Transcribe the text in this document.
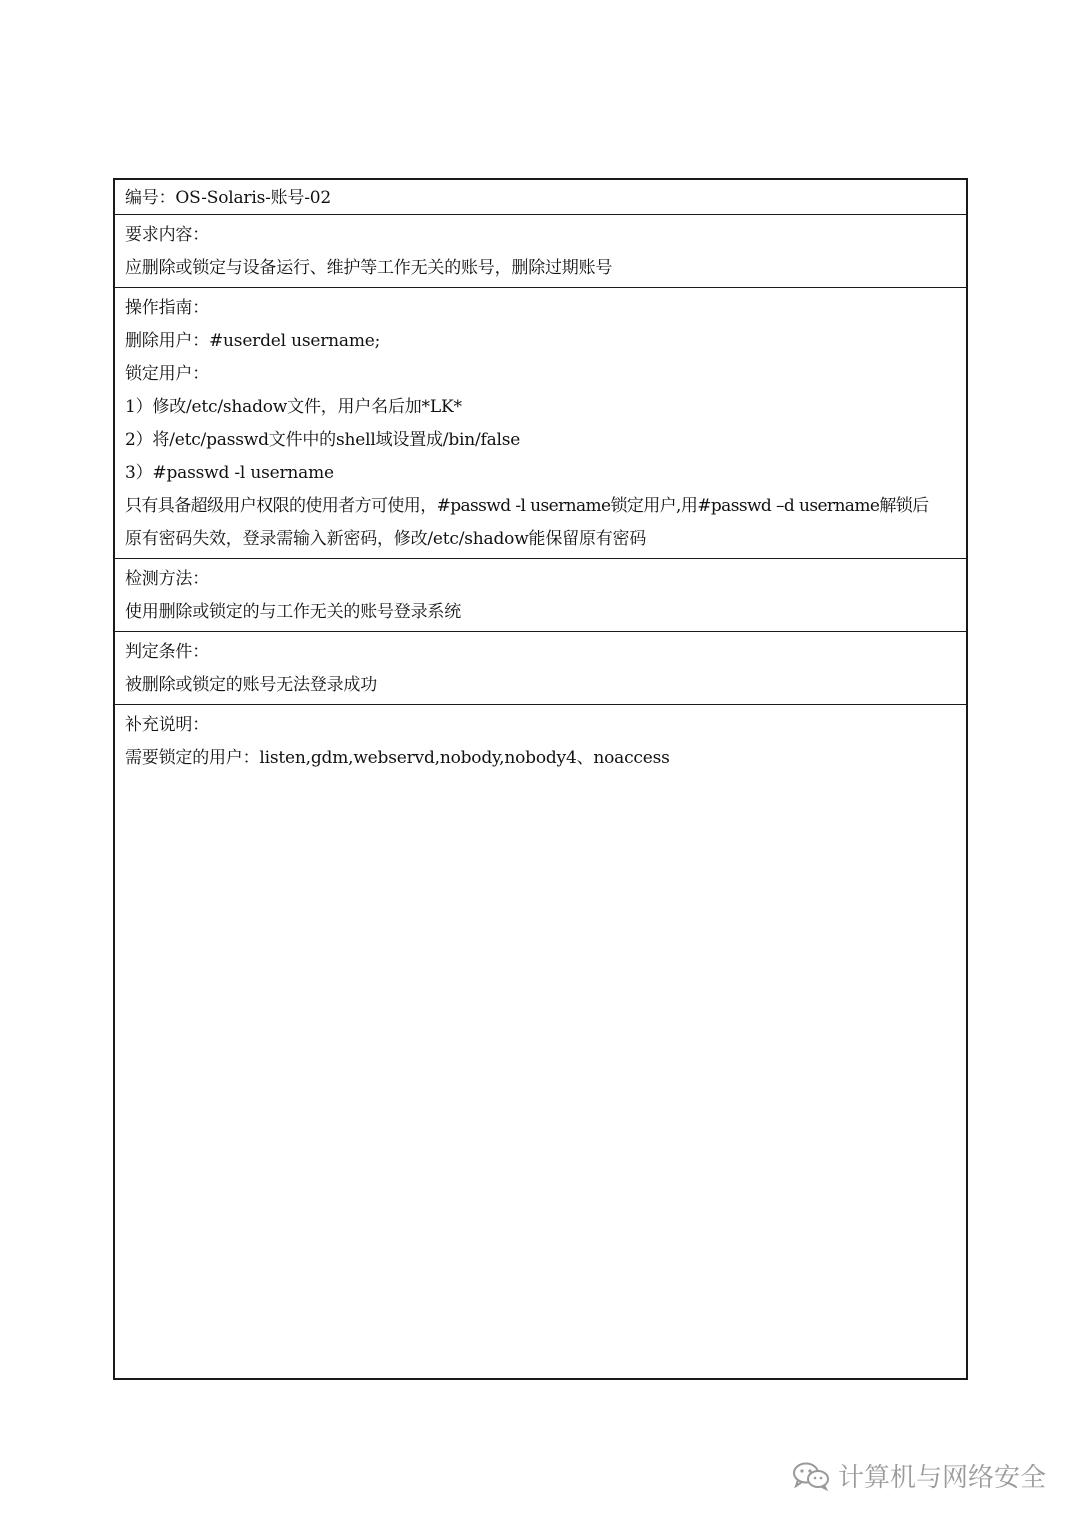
编号：OS-Solaris-账号-02
要求内容：
应删除或锁定与设备运行、维护等工作无关的账号，删除过期账号
操作指南：
删除用户：#userdel username;
锁定用户：
1）修改/etc/shadow文件，用户名后加*LK*
2）将/etc/passwd文件中的shell域设置成/bin/false
3）#passwd -l username
只有具备超级用户权限的使用者方可使用，#passwd -l username锁定用户,用#passwd –d username解锁后
原有密码失效，登录需输入新密码，修改/etc/shadow能保留原有密码
检测方法：
使用删除或锁定的与工作无关的账号登录系统
判定条件：
被删除或锁定的账号无法登录成功
补充说明：
需要锁定的用户：listen,gdm,webservd,nobody,nobody4、noaccess
计算机与网络安全
